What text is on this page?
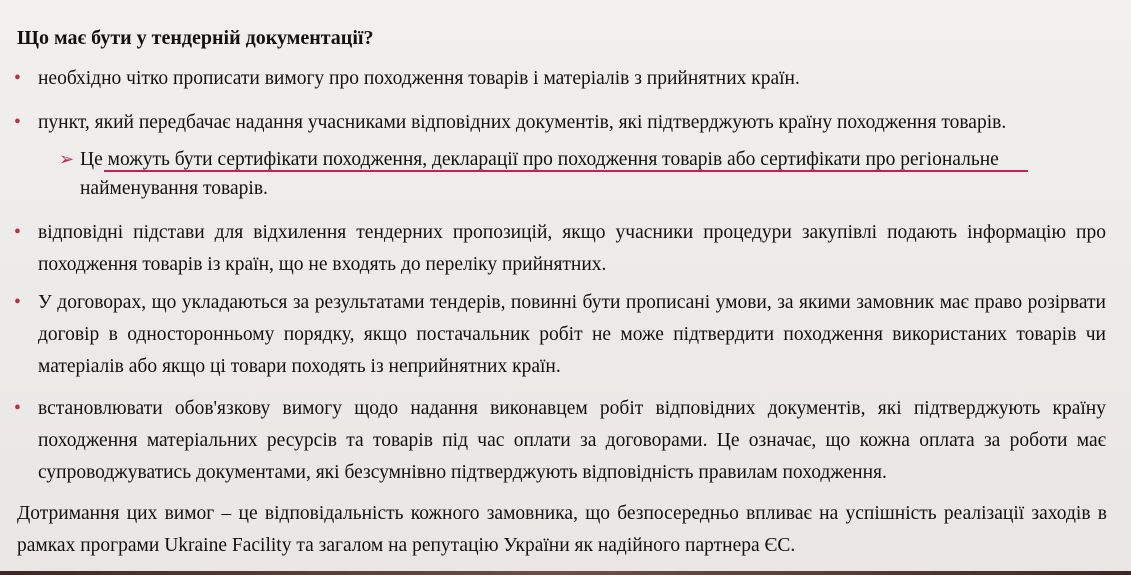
Що має бути у тендерній документації?
• необхідно чітко прописати вимогу про походження товарів і матеріалів з прийнятних країн.
• пункт, який передбачає надання учасниками відповідних документів, які підтверджують країну походження товарів.
➢ Це можуть бути сертифікати походження, декларації про походження товарів або сертифікати про регіональне найменування товарів.
• відповідні підстави для відхилення тендерних пропозицій, якщо учасники процедури закупівлі подають інформацію про походження товарів із країн, що не входять до переліку прийнятних.
• У договорах, що укладаються за результатами тендерів, повинні бути прописані умови, за якими замовник має право розірвати договір в односторонньому порядку, якщо постачальник робіт не може підтвердити походження використаних товарів чи матеріалів або якщо ці товари походять із неприйнятних країн.
• встановлювати обов'язкову вимогу щодо надання виконавцем робіт відповідних документів, які підтверджують країну походження матеріальних ресурсів та товарів під час оплати за договорами. Це означає, що кожна оплата за роботи має супроводжуватись документами, які безсумнівно підтверджують відповідність правилам походження.
Дотримання цих вимог – це відповідальність кожного замовника, що безпосередньо впливає на успішність реалізації заходів в рамках програми Ukraine Facility та загалом на репутацію України як надійного партнера ЄС.
